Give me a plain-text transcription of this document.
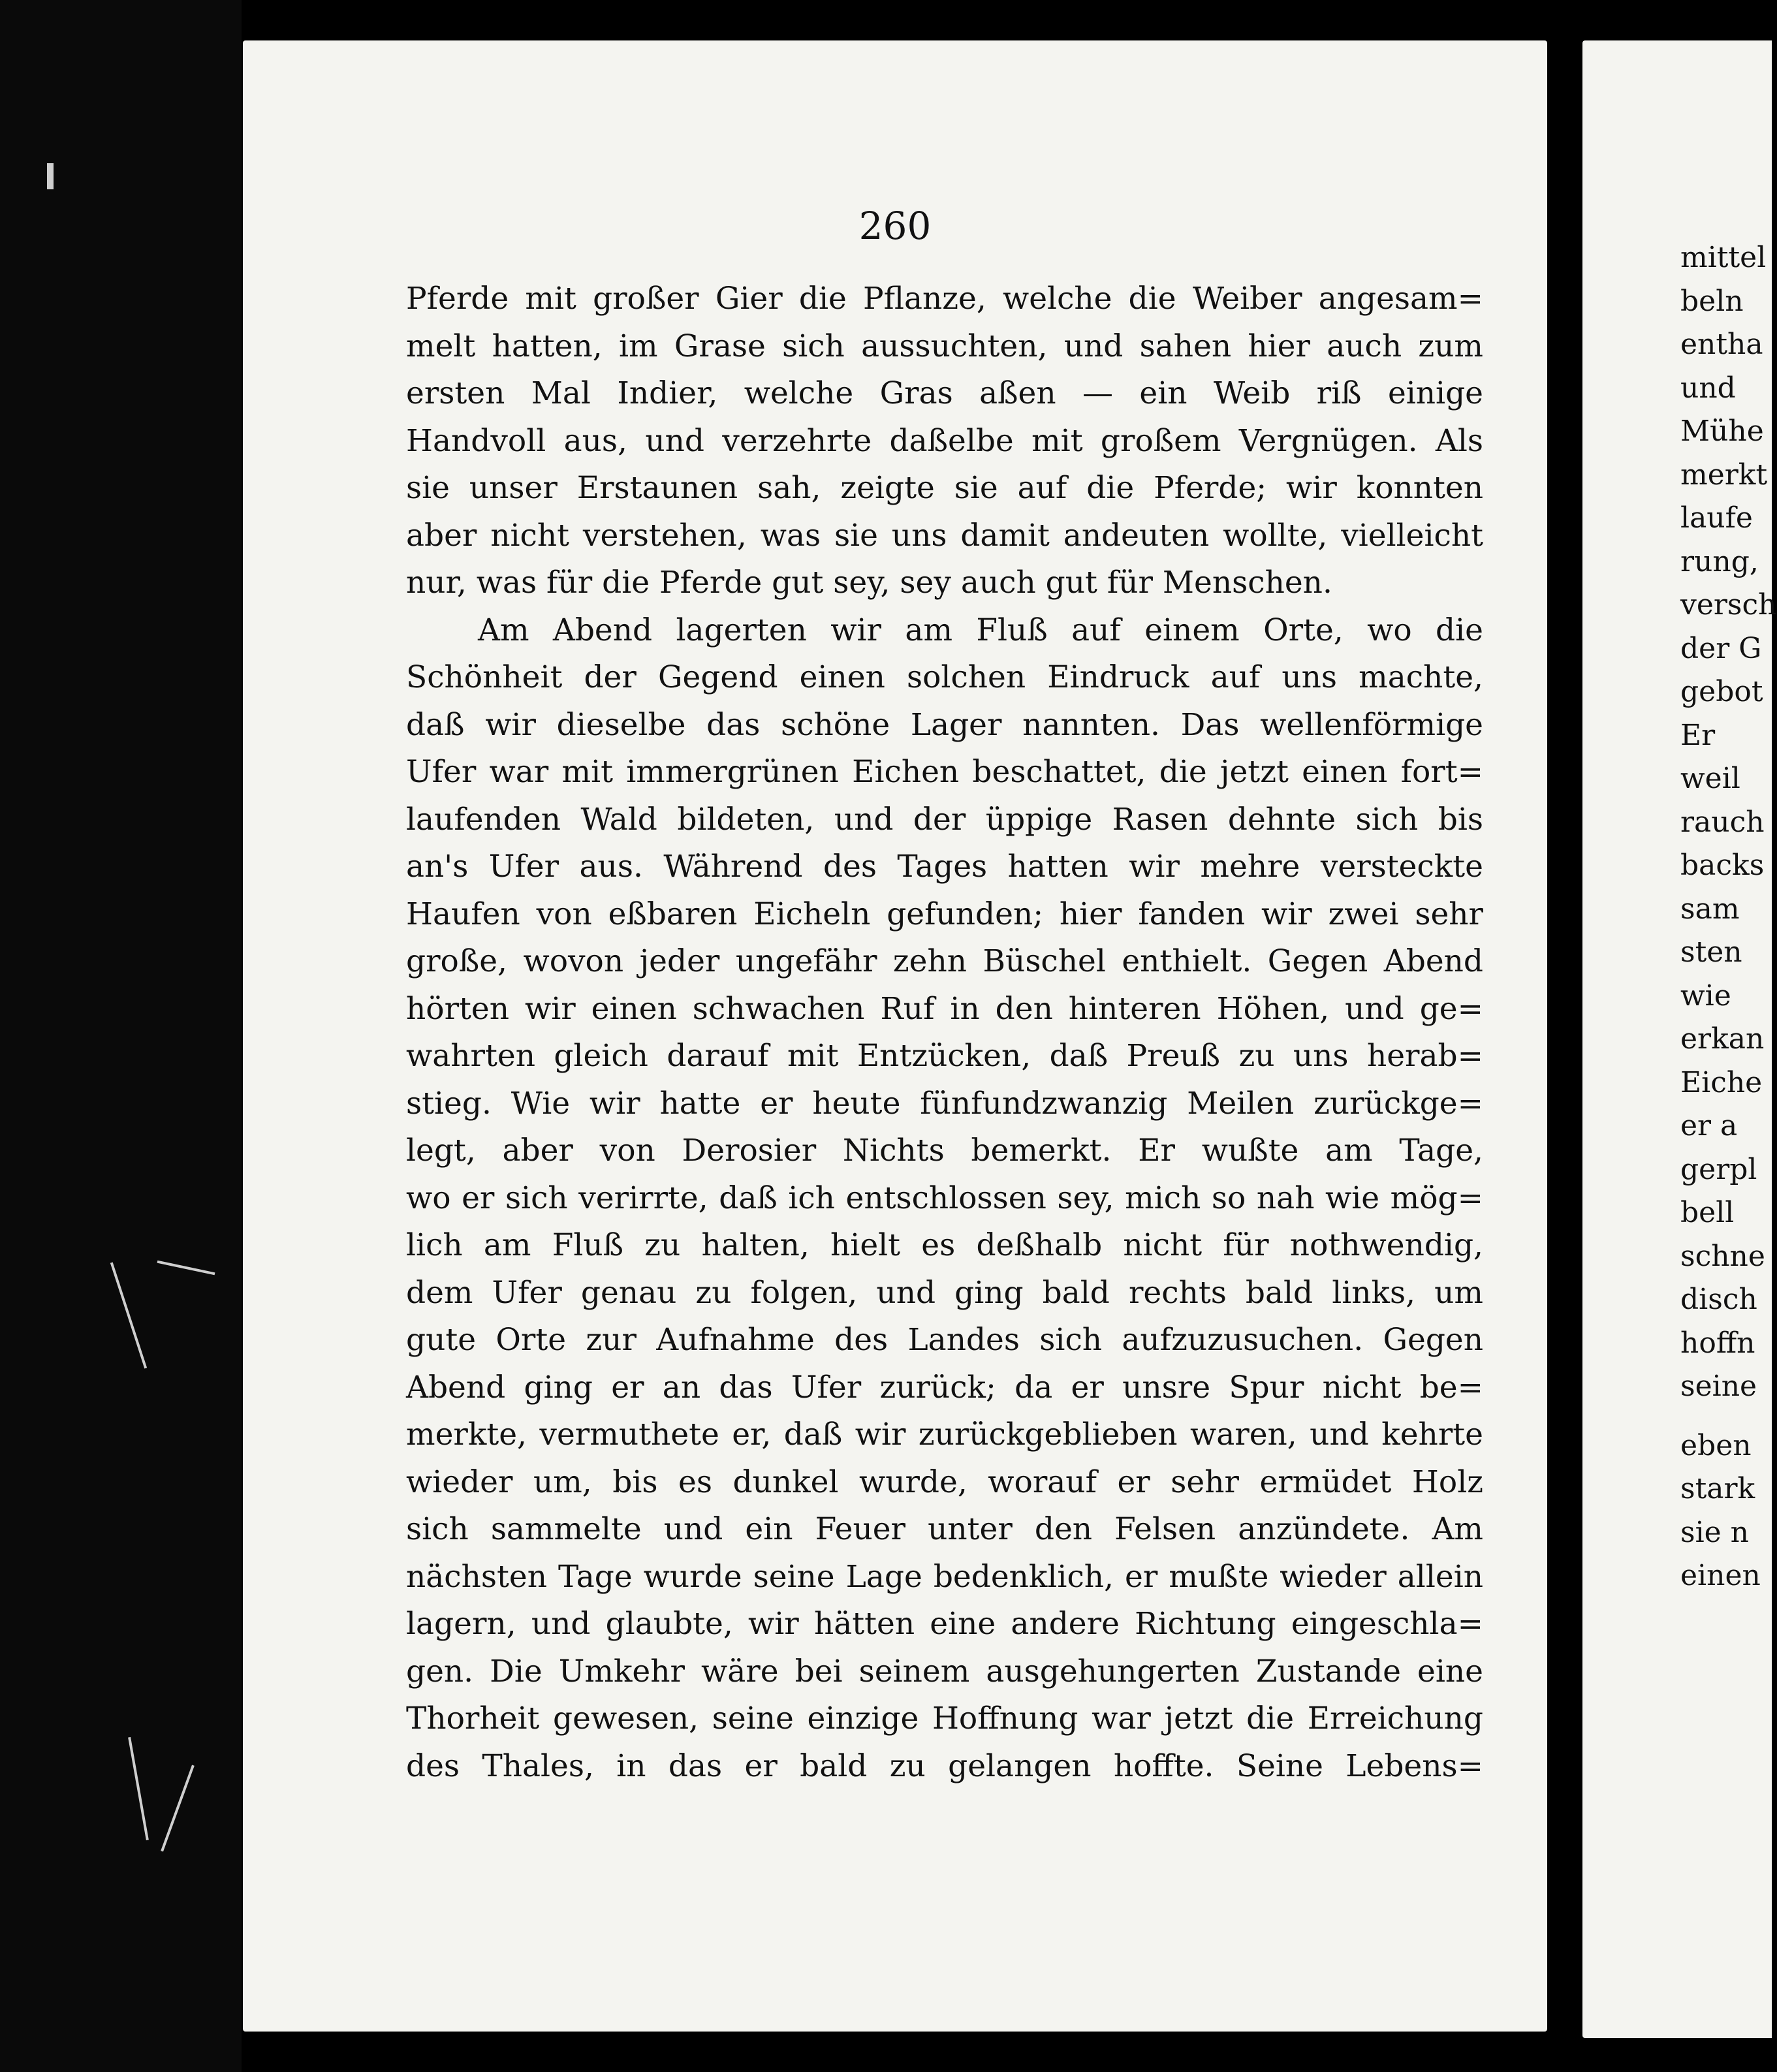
260
Pferde mit großer Gier die Pflanze, welche die Weiber angesam=
melt hatten, im Grase sich aussuchten, und sahen hier auch zum
ersten Mal Indier, welche Gras aßen — ein Weib riß einige
Handvoll aus, und verzehrte daßelbe mit großem Vergnügen. Als
sie unser Erstaunen sah, zeigte sie auf die Pferde; wir konnten
aber nicht verstehen, was sie uns damit andeuten wollte, vielleicht
nur, was für die Pferde gut sey, sey auch gut für Menschen.
Am Abend lagerten wir am Fluß auf einem Orte, wo die
Schönheit der Gegend einen solchen Eindruck auf uns machte,
daß wir dieselbe das schöne Lager nannten. Das wellenförmige
Ufer war mit immergrünen Eichen beschattet, die jetzt einen fort=
laufenden Wald bildeten, und der üppige Rasen dehnte sich bis
an's Ufer aus. Während des Tages hatten wir mehre versteckte
Haufen von eßbaren Eicheln gefunden; hier fanden wir zwei sehr
große, wovon jeder ungefähr zehn Büschel enthielt. Gegen Abend
hörten wir einen schwachen Ruf in den hinteren Höhen, und ge=
wahrten gleich darauf mit Entzücken, daß Preuß zu uns herab=
stieg. Wie wir hatte er heute fünfundzwanzig Meilen zurückge=
legt, aber von Derosier Nichts bemerkt. Er wußte am Tage,
wo er sich verirrte, daß ich entschlossen sey, mich so nah wie mög=
lich am Fluß zu halten, hielt es deßhalb nicht für nothwendig,
dem Ufer genau zu folgen, und ging bald rechts bald links, um
gute Orte zur Aufnahme des Landes sich aufzuzusuchen. Gegen
Abend ging er an das Ufer zurück; da er unsre Spur nicht be=
merkte, vermuthete er, daß wir zurückgeblieben waren, und kehrte
wieder um, bis es dunkel wurde, worauf er sehr ermüdet Holz
sich sammelte und ein Feuer unter den Felsen anzündete. Am
nächsten Tage wurde seine Lage bedenklich, er mußte wieder allein
lagern, und glaubte, wir hätten eine andere Richtung eingeschla=
gen. Die Umkehr wäre bei seinem ausgehungerten Zustande eine
Thorheit gewesen, seine einzige Hoffnung war jetzt die Erreichung
des Thales, in das er bald zu gelangen hoffte. Seine Lebens=
mittel
beln
entha
und
Mühe
merkt
laufe
rung,
versch
der G
gebot
Er
weil
rauch
backs
sam
sten
wie
erkan
Eiche
er a
gerpl
bell
schne
disch
hoffn
seine
eben
stark
sie n
einen
